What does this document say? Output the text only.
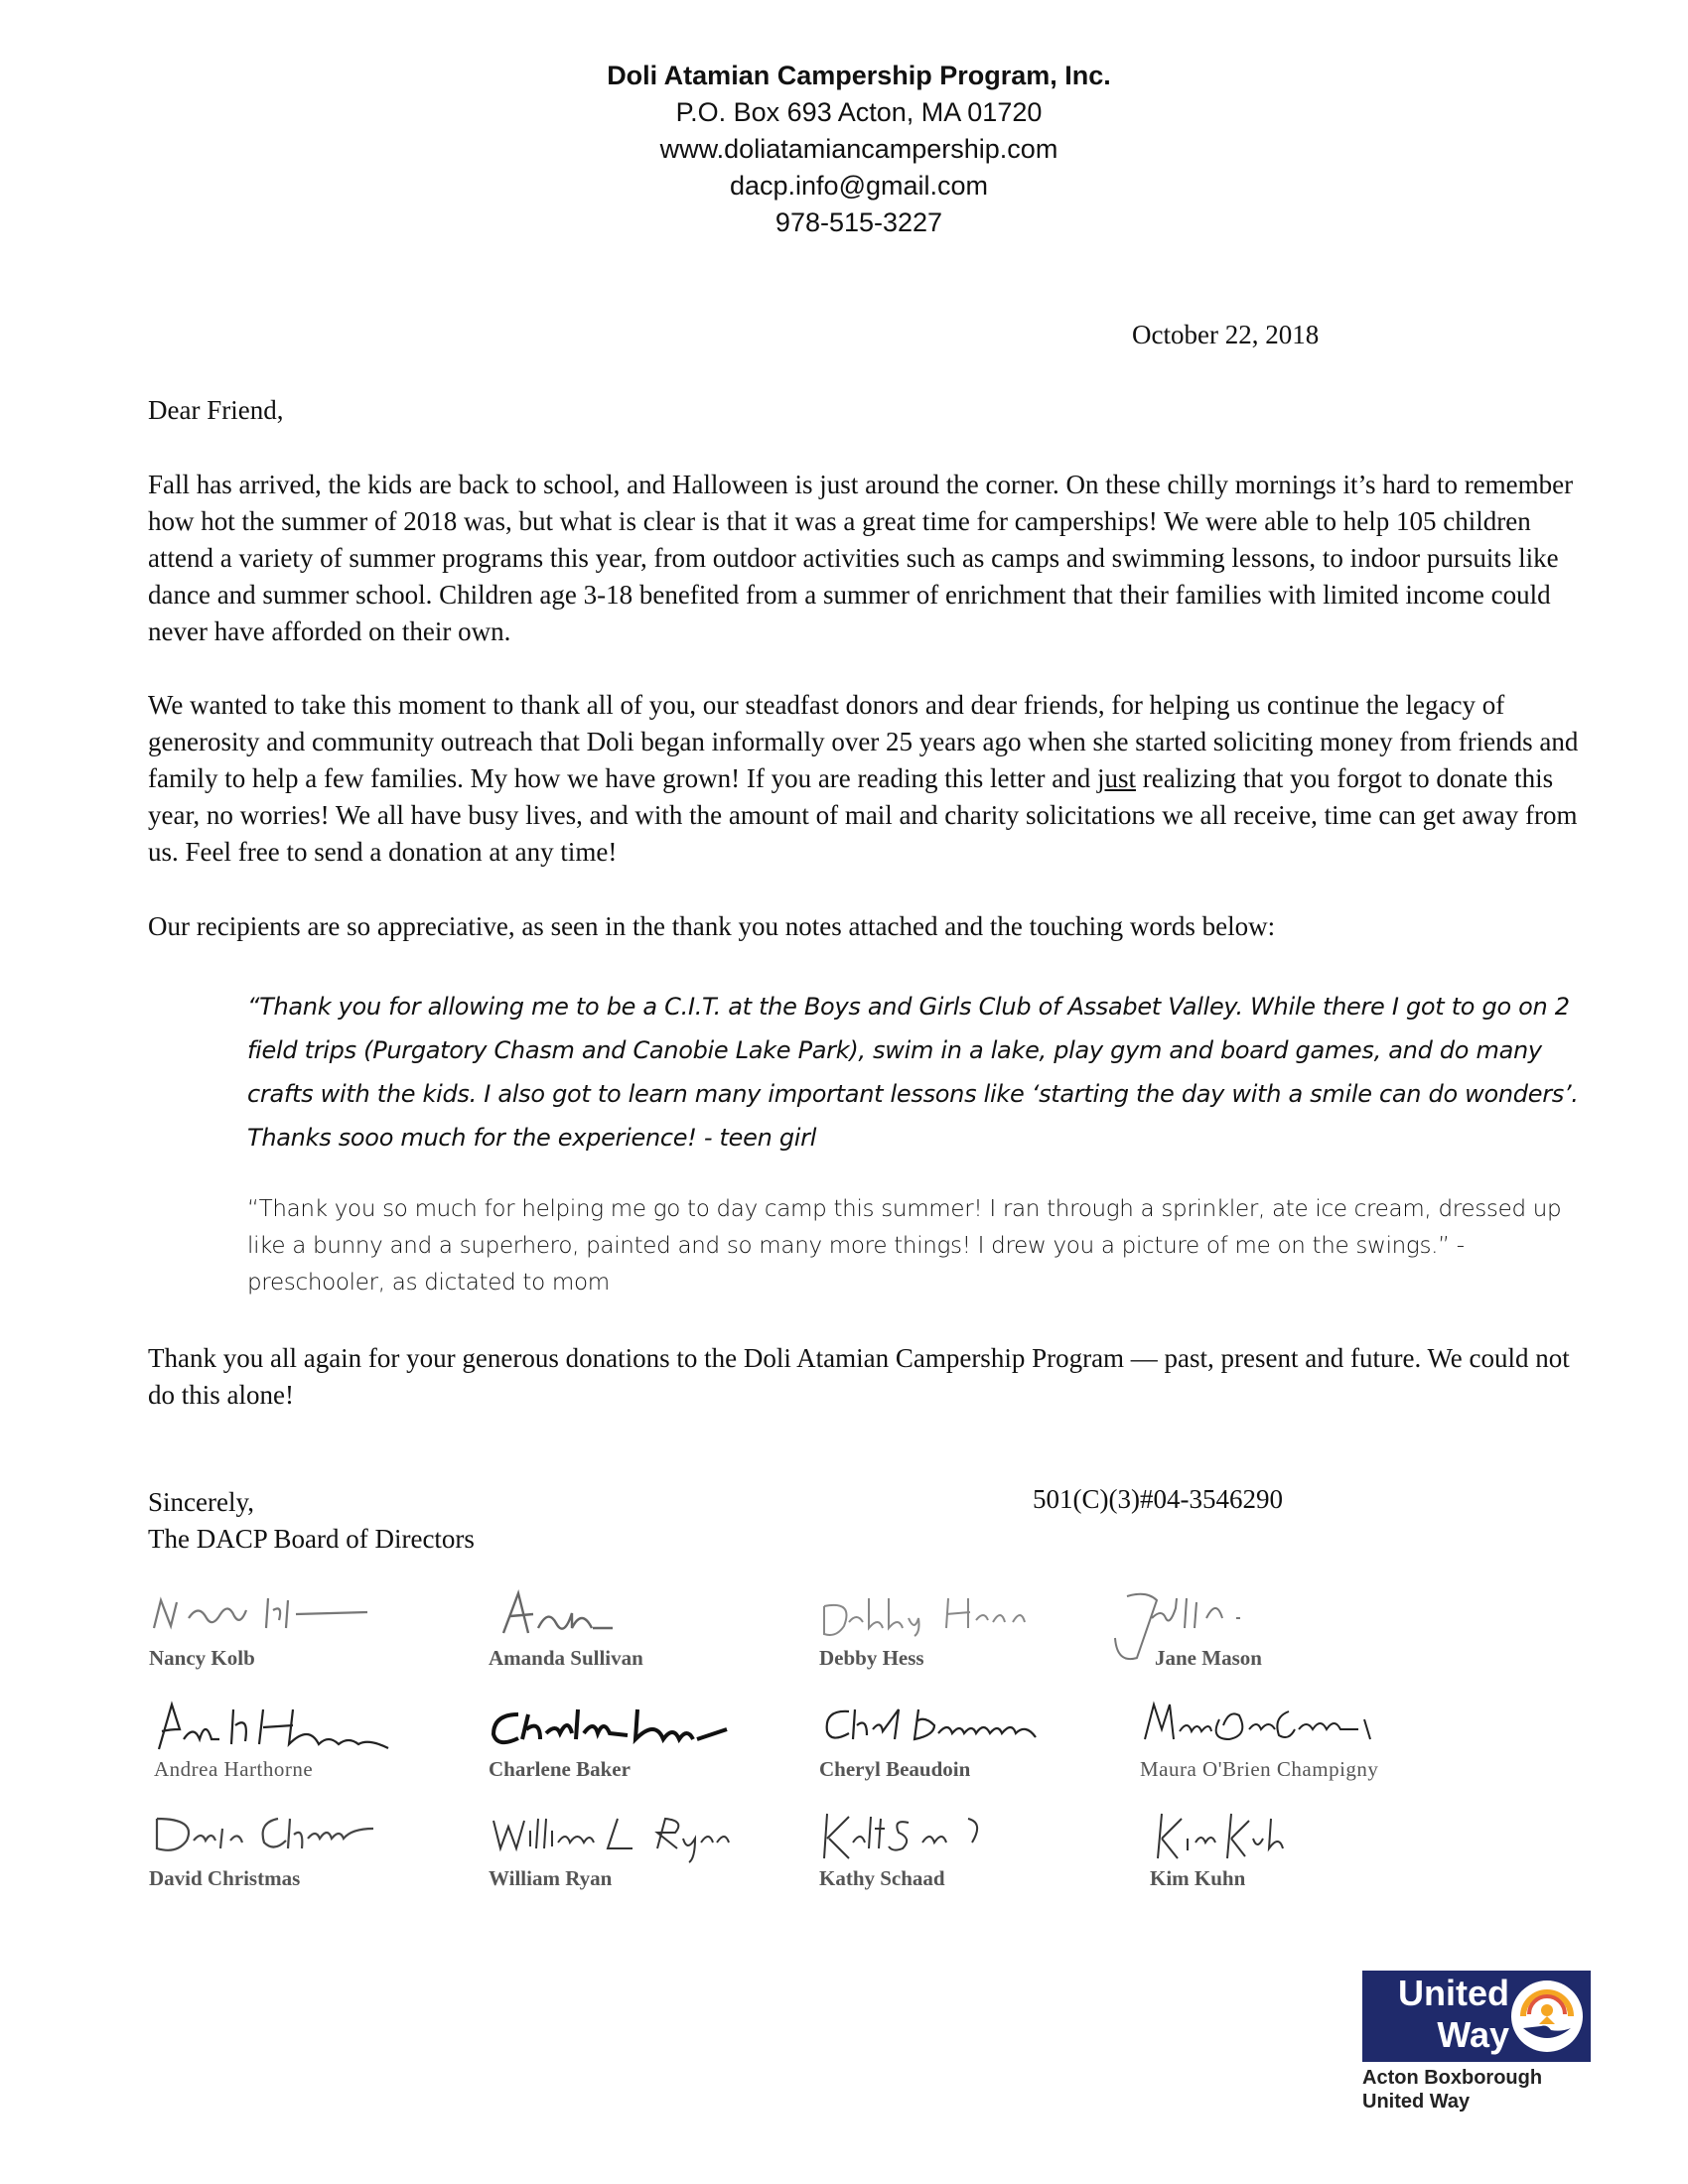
Doli Atamian Campership Program, Inc.
P.O. Box 693 Acton, MA 01720
www.doliatamiancampership.com
dacp.info@gmail.com
978-515-3227
October 22, 2018

Dear Friend,

Fall has arrived, the kids are back to school, and Halloween is just around the corner. On these chilly mornings it’s hard to remember how hot the summer of 2018 was, but what is clear is that it was a great time for camperships! We were able to help 105 children attend a variety of summer programs this year, from outdoor activities such as camps and swimming lessons, to indoor pursuits like dance and summer school. Children age 3-18 benefited from a summer of enrichment that their families with limited income could never have afforded on their own.

We wanted to take this moment to thank all of you, our steadfast donors and dear friends, for helping us continue the legacy of generosity and community outreach that Doli began informally over 25 years ago when she started soliciting money from friends and family to help a few families. My how we have grown! If you are reading this letter and just realizing that you forgot to donate this year, no worries! We all have busy lives, and with the amount of mail and charity solicitations we all receive, time can get away from us. Feel free to send a donation at any time!

Our recipients are so appreciative, as seen in the thank you notes attached and the touching words below:

“Thank you for allowing me to be a C.I.T. at the Boys and Girls Club of Assabet Valley. While there I got to go on 2 field trips (Purgatory Chasm and Canobie Lake Park), swim in a lake, play gym and board games, and do many crafts with the kids. I also got to learn many important lessons like ‘starting the day with a smile can do wonders’. Thanks sooo much for the experience! - teen girl

“Thank you so much for helping me go to day camp this summer! I ran through a sprinkler, ate ice cream, dressed up like a bunny and a superhero, painted and so many more things! I drew you a picture of me on the swings.” - preschooler, as dictated to mom

Thank you all again for your generous donations to the Doli Atamian Campership Program — past, present and future. We could not do this alone!

Sincerely,
The DACP Board of Directors
501(C)(3)#04-3546290
Nancy Kolb	Amanda Sullivan	Debby Hess	Jane Mason
Andrea Harthorne	Charlene Baker	Cheryl Beaudoin	Maura O'Brien Champigny
David Christmas	William Ryan	Kathy Schaad	Kim Kuhn
United
Way
Acton Boxborough
United Way
